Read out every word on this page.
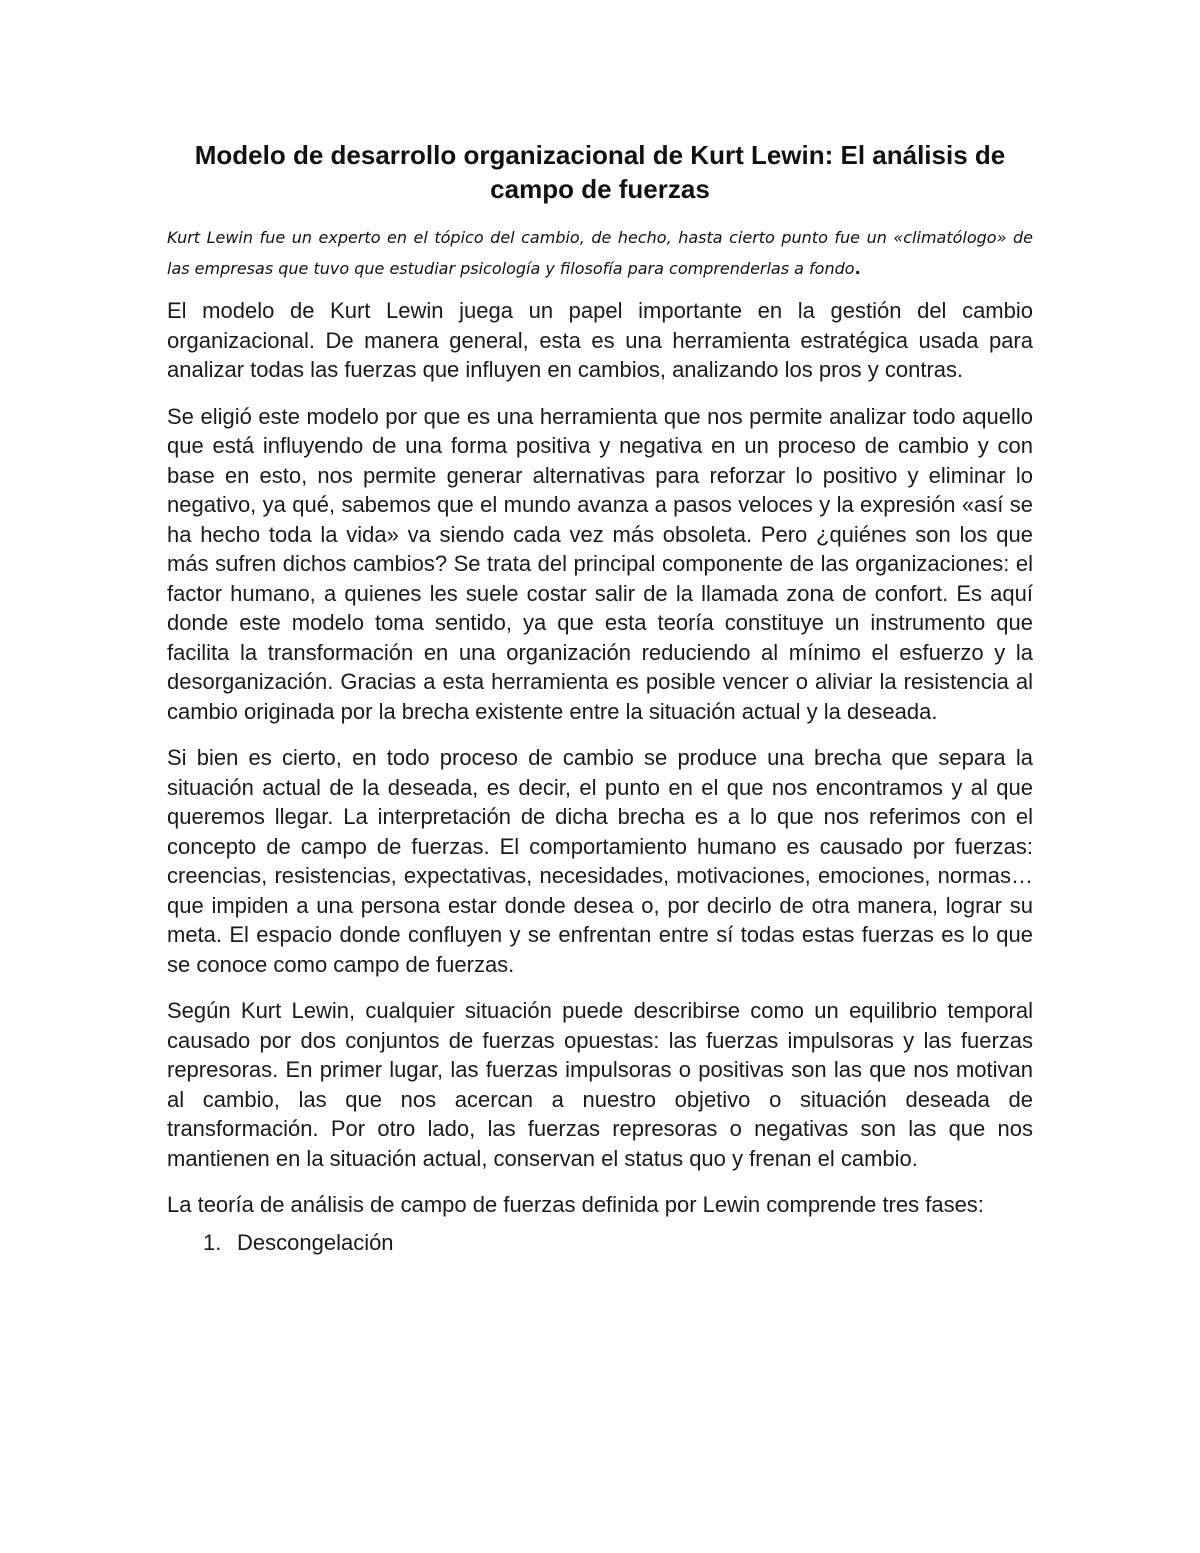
Modelo de desarrollo organizacional de Kurt Lewin: El análisis de campo de fuerzas

Kurt Lewin fue un experto en el tópico del cambio, de hecho, hasta cierto punto fue un «climatólogo» de las empresas que tuvo que estudiar psicología y filosofía para comprenderlas a fondo.

El modelo de Kurt Lewin juega un papel importante en la gestión del cambio organizacional. De manera general, esta es una herramienta estratégica usada para analizar todas las fuerzas que influyen en cambios, analizando los pros y contras.

Se eligió este modelo por que es una herramienta que nos permite analizar todo aquello que está influyendo de una forma positiva y negativa en un proceso de cambio y con base en esto, nos permite generar alternativas para reforzar lo positivo y eliminar lo negativo, ya qué, sabemos que el mundo avanza a pasos veloces y la expresión «así se ha hecho toda la vida» va siendo cada vez más obsoleta. Pero ¿quiénes son los que más sufren dichos cambios? Se trata del principal componente de las organizaciones: el factor humano, a quienes les suele costar salir de la llamada zona de confort. Es aquí donde este modelo toma sentido, ya que esta teoría constituye un instrumento que facilita la transformación en una organización reduciendo al mínimo el esfuerzo y la desorganización. Gracias a esta herramienta es posible vencer o aliviar la resistencia al cambio originada por la brecha existente entre la situación actual y la deseada.

Si bien es cierto, en todo proceso de cambio se produce una brecha que separa la situación actual de la deseada, es decir, el punto en el que nos encontramos y al que queremos llegar. La interpretación de dicha brecha es a lo que nos referimos con el concepto de campo de fuerzas. El comportamiento humano es causado por fuerzas: creencias, resistencias, expectativas, necesidades, motivaciones, emociones, normas… que impiden a una persona estar donde desea o, por decirlo de otra manera, lograr su meta. El espacio donde confluyen y se enfrentan entre sí todas estas fuerzas es lo que se conoce como campo de fuerzas.

Según Kurt Lewin, cualquier situación puede describirse como un equilibrio temporal causado por dos conjuntos de fuerzas opuestas: las fuerzas impulsoras y las fuerzas represoras. En primer lugar, las fuerzas impulsoras o positivas son las que nos motivan al cambio, las que nos acercan a nuestro objetivo o situación deseada de transformación. Por otro lado, las fuerzas represoras o negativas son las que nos mantienen en la situación actual, conservan el status quo y frenan el cambio.

La teoría de análisis de campo de fuerzas definida por Lewin comprende tres fases:

1. Descongelación
